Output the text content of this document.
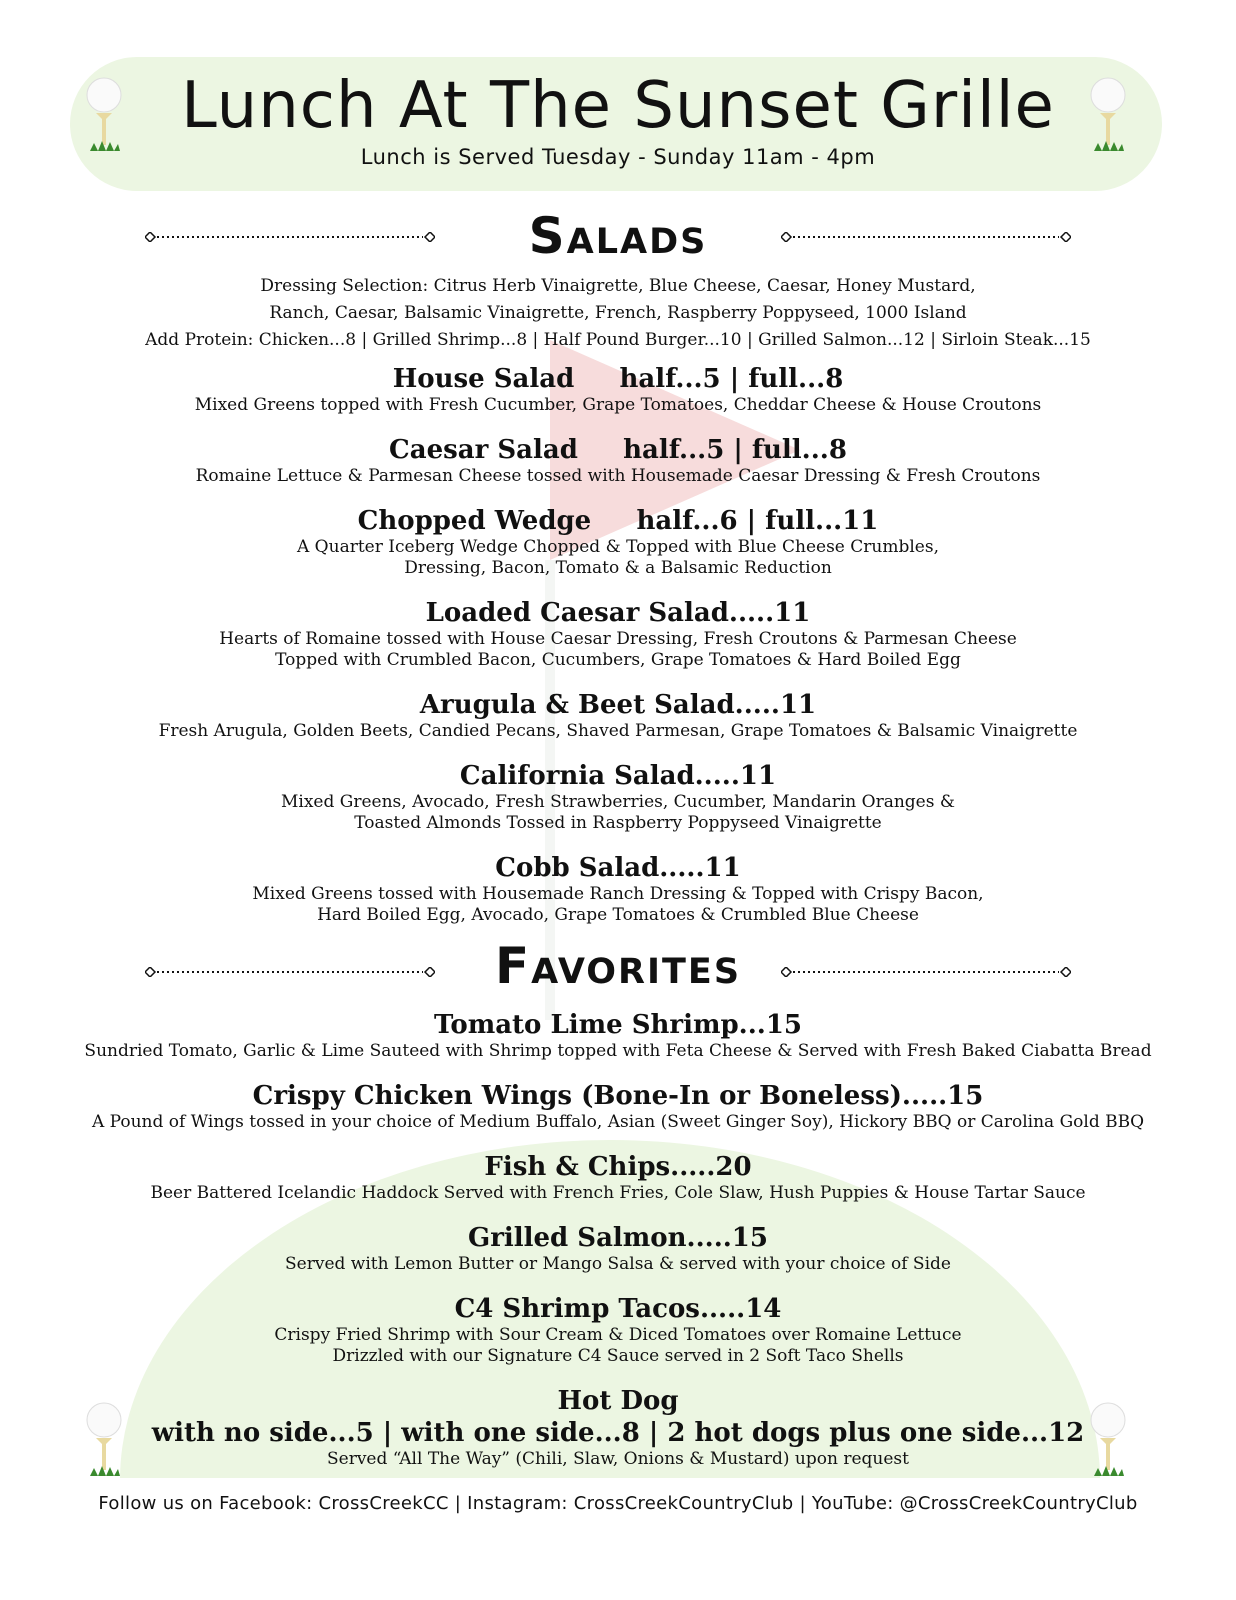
Lunch At The Sunset Grille
Lunch is Served Tuesday - Sunday 11am - 4pm
Salads
Dressing Selection: Citrus Herb Vinaigrette, Blue Cheese, Caesar, Honey Mustard,
Ranch, Caesar, Balsamic Vinaigrette, French, Raspberry Poppyseed, 1000 Island
Add Protein: Chicken...8 | Grilled Shrimp...8 | Half Pound Burger...10 | Grilled Salmon...12 | Sirloin Steak...15
House Salad     half...5 | full...8
Mixed Greens topped with Fresh Cucumber, Grape Tomatoes, Cheddar Cheese & House Croutons
Caesar Salad     half...5 | full...8
Romaine Lettuce & Parmesan Cheese tossed with Housemade Caesar Dressing & Fresh Croutons
Chopped Wedge     half...6 | full...11
A Quarter Iceberg Wedge Chopped & Topped with Blue Cheese Crumbles,
Dressing, Bacon, Tomato & a Balsamic Reduction
Loaded Caesar Salad.....11
Hearts of Romaine tossed with House Caesar Dressing, Fresh Croutons & Parmesan Cheese
Topped with Crumbled Bacon, Cucumbers, Grape Tomatoes & Hard Boiled Egg
Arugula & Beet Salad.....11
Fresh Arugula, Golden Beets, Candied Pecans, Shaved Parmesan, Grape Tomatoes & Balsamic Vinaigrette
California Salad.....11
Mixed Greens, Avocado, Fresh Strawberries, Cucumber, Mandarin Oranges &
Toasted Almonds Tossed in Raspberry Poppyseed Vinaigrette
Cobb Salad.....11
Mixed Greens tossed with Housemade Ranch Dressing & Topped with Crispy Bacon,
Hard Boiled Egg, Avocado, Grape Tomatoes & Crumbled Blue Cheese
Favorites
Tomato Lime Shrimp...15
Sundried Tomato, Garlic & Lime Sauteed with Shrimp topped with Feta Cheese & Served with Fresh Baked Ciabatta Bread
Crispy Chicken Wings (Bone-In or Boneless).....15
A Pound of Wings tossed in your choice of Medium Buffalo, Asian (Sweet Ginger Soy), Hickory BBQ or Carolina Gold BBQ
Fish & Chips.....20
Beer Battered Icelandic Haddock Served with French Fries, Cole Slaw, Hush Puppies & House Tartar Sauce
Grilled Salmon.....15
Served with Lemon Butter or Mango Salsa & served with your choice of Side
C4 Shrimp Tacos.....14
Crispy Fried Shrimp with Sour Cream & Diced Tomatoes over Romaine Lettuce
Drizzled with our Signature C4 Sauce served in 2 Soft Taco Shells
Hot Dog
with no side...5 | with one side...8 | 2 hot dogs plus one side...12
Served “All The Way” (Chili, Slaw, Onions & Mustard) upon request
Follow us on Facebook: CrossCreekCC | Instagram: CrossCreekCountryClub | YouTube: @CrossCreekCountryClub
